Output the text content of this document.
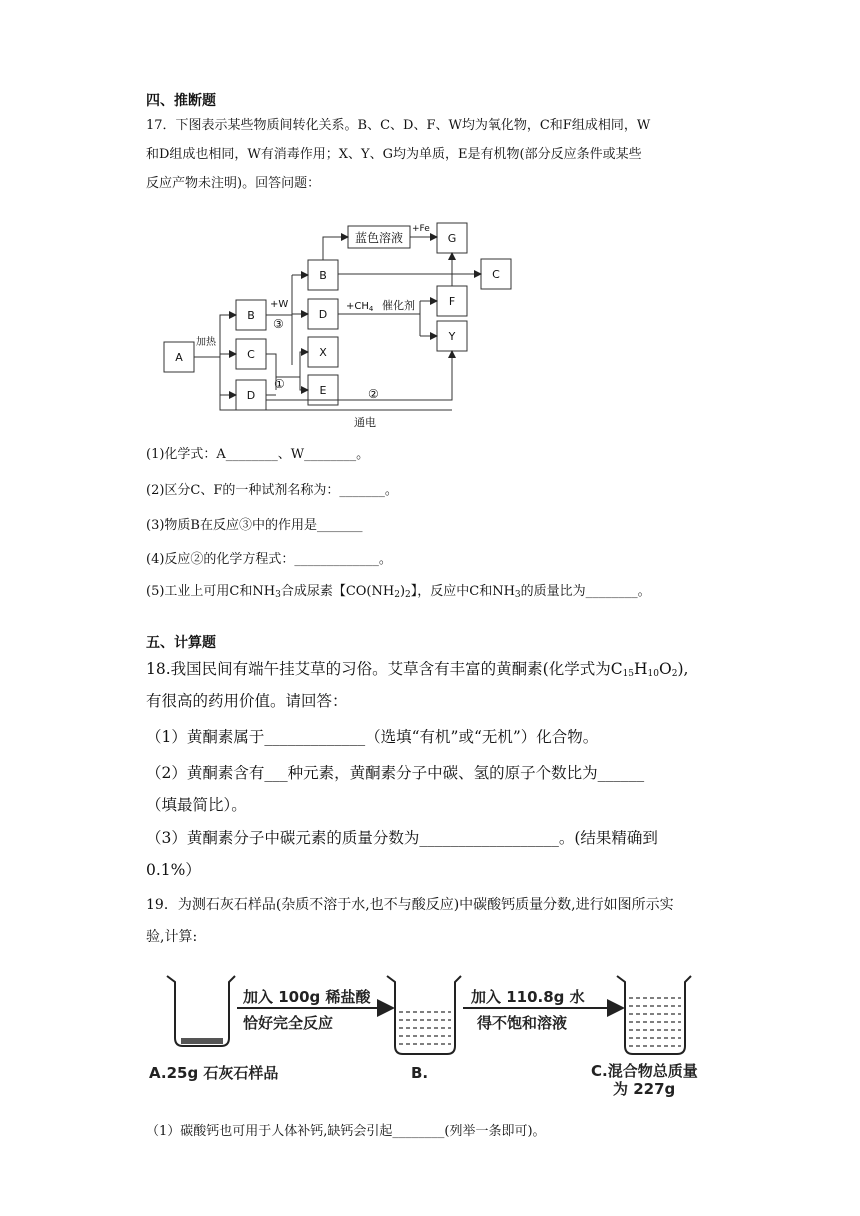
四、推断题
17．下图表示某些物质间转化关系。B、C、D、F、W均为氧化物，C和F组成相同，W
和D组成也相同，W有消毒作用；X、Y、G均为单质，E是有机物(部分反应条件或某些
反应产物未注明)。回答问题：
A
B
C
D
B
D
X
E
蓝色溶液	G
C
F
Y
加热
+W
③
①
②
+Fe
$+CH_4$ 催化剂
通电
(1)化学式：A________、W________。
(2)区分C、F的一种试剂名称为：_______。
(3)物质B在反应③中的作用是_______
(4)反应②的化学方程式：_____________。
(5)工业上可用C和$NH_3$合成尿素【$CO(NH_2)_2$】，反应中C和$NH_3$的质量比为________。
五、计算题
18.我国民间有端午挂艾草的习俗。艾草含有丰富的黄酮素(化学式为$C_{15}H_{10}O_2$),
有很高的药用价值。请回答：
（1）黄酮素属于_____________（选填“有机”或“无机”）化合物。
（2）黄酮素含有___种元素，黄酮素分子中碳、氢的原子个数比为______
（填最简比）。
（3）黄酮素分子中碳元素的质量分数为__________________。(结果精确到
0.1%）
19．为测石灰石样品(杂质不溶于水,也不与酸反应)中碳酸钙质量分数,进行如图所示实
验,计算:
加入 100g 稀盐酸
恰好完全反应
加入 110.8g 水
得不饱和溶液
A.25g 石灰石样品	B.	C.混合物总质量
为 227g
（1）碳酸钙也可用于人体补钙,缺钙会引起________(列举一条即可)。
